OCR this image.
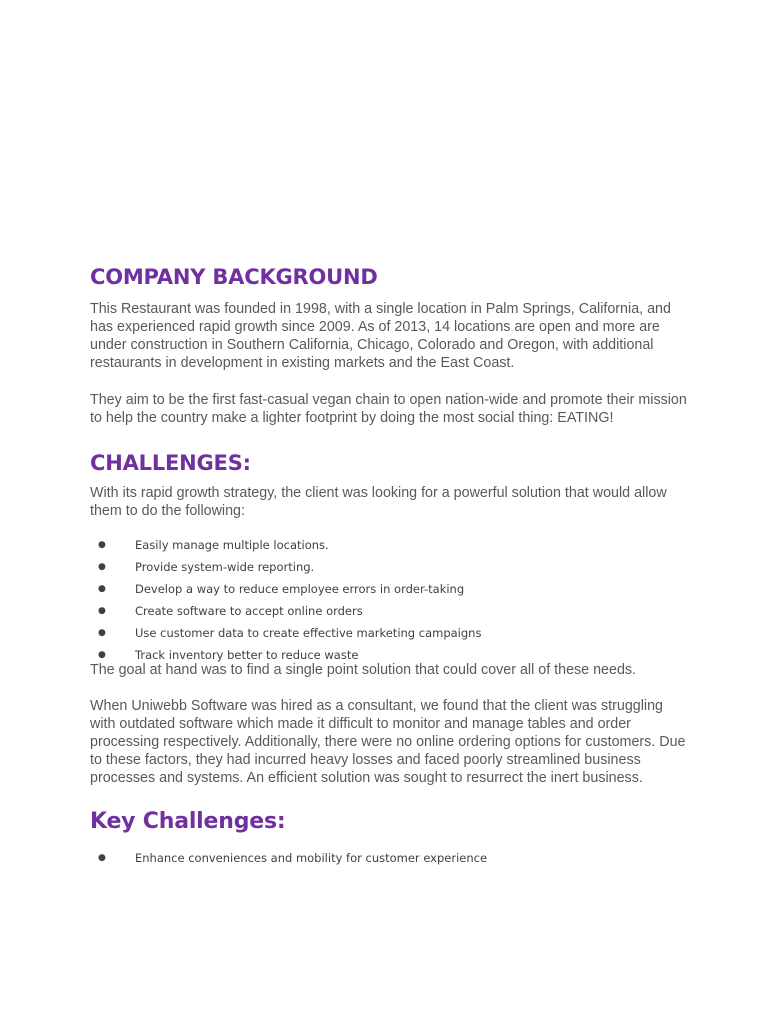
COMPANY BACKGROUND

This Restaurant was founded in 1998, with a single location in Palm Springs, California, and has experienced rapid growth since 2009. As of 2013, 14 locations are open and more are under construction in Southern California, Chicago, Colorado and Oregon, with additional restaurants in development in existing markets and the East Coast.

They aim to be the first fast-casual vegan chain to open nation-wide and promote their mission to help the country make a lighter footprint by doing the most social thing: EATING!

CHALLENGES:

With its rapid growth strategy, the client was looking for a powerful solution that would allow them to do the following:

●	Easily manage multiple locations.
●	Provide system-wide reporting.
●	Develop a way to reduce employee errors in order-taking
●	Create software to accept online orders
●	Use customer data to create effective marketing campaigns
●	Track inventory better to reduce waste

The goal at hand was to find a single point solution that could cover all of these needs.

When Uniwebb Software was hired as a consultant, we found that the client was struggling with outdated software which made it difficult to monitor and manage tables and order processing respectively. Additionally, there were no online ordering options for customers. Due to these factors, they had incurred heavy losses and faced poorly streamlined business processes and systems. An efficient solution was sought to resurrect the inert business.

Key Challenges:
●	Enhance conveniences and mobility for customer experience
